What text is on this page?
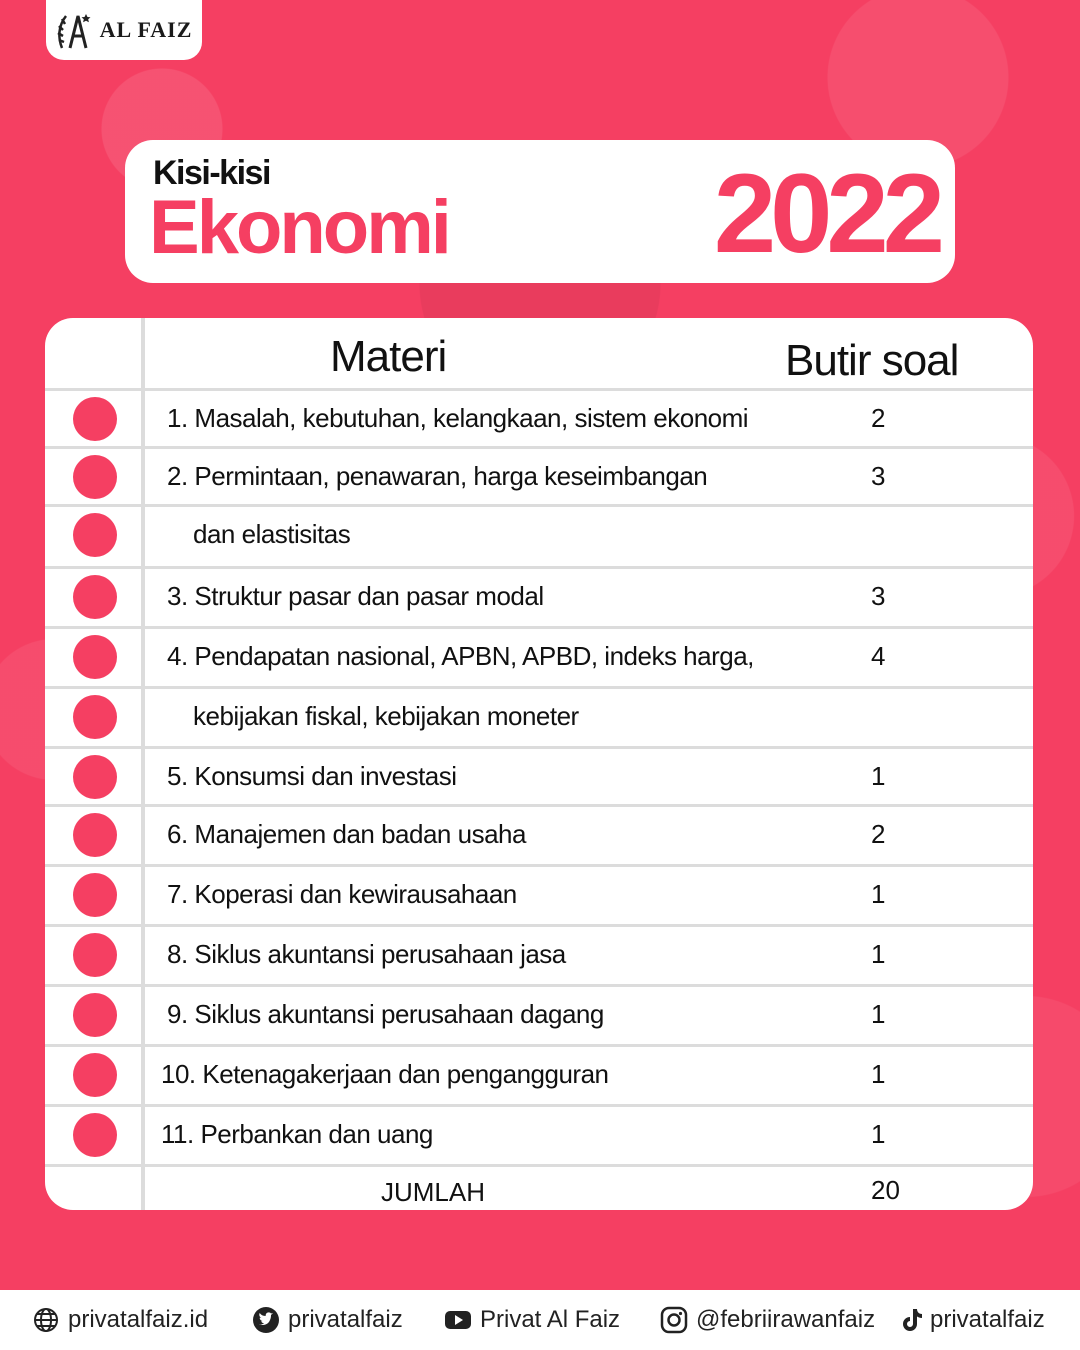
AL FAIZ
Kisi-kisi
Ekonomi 2022
Materi	Butir soal
1. Masalah, kebutuhan, kelangkaan, sistem ekonomi	2
2. Permintaan, penawaran, harga keseimbangan	3
dan elastisitas
3. Struktur pasar dan pasar modal	3
4. Pendapatan nasional, APBN, APBD, indeks harga,	4
kebijakan fiskal, kebijakan moneter
5. Konsumsi dan investasi	1
6. Manajemen dan badan usaha	2
7. Koperasi dan kewirausahaan	1
8. Siklus akuntansi perusahaan jasa	1
9. Siklus akuntansi perusahaan dagang	1
10. Ketenagakerjaan dan pengangguran	1
11. Perbankan dan uang	1
JUMLAH	20
privatalfaiz.id	privatalfaiz	Privat Al Faiz	@febriirawanfaiz privatalfaiz
